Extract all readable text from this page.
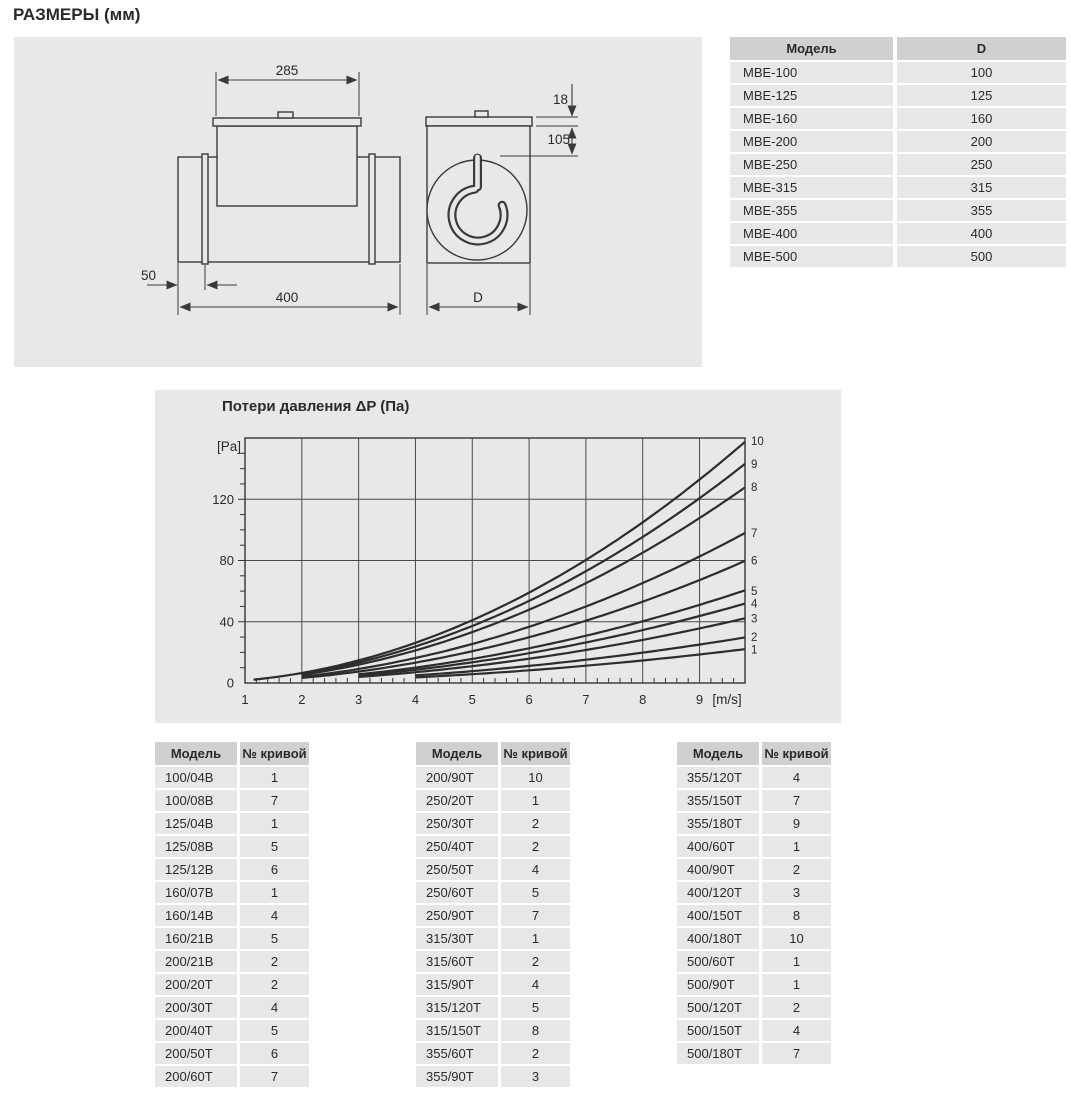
РАЗМЕРЫ (мм)
285
50
400	D
18
105
Модель	D
MBE-100	100
MBE-125	125
MBE-160	160
MBE-200	200
MBE-250	250
MBE-315	315
MBE-355	355
MBE-400	400
MBE-500	500
Потери давления ΔP (Па)
1
2
3
4
5
6
7
8
9
10
1	2	3	4	5	6	7	8	9
0
40
80
120
[m/s]
[Pa]
Модель	№ кривой
100/04B	1
100/08B	7
125/04B	1
125/08B	5
125/12B	6
160/07B	1
160/14B	4
160/21B	5
200/21B	2
200/20T	2
200/30T	4
200/40T	5
200/50T	6
200/60T	7
Модель	№ кривой
200/90T	10
250/20T	1
250/30T	2
250/40T	2
250/50T	4
250/60T	5
250/90T	7
315/30T	1
315/60T	2
315/90T	4
315/120T	5
315/150T	8
355/60T	2
355/90T	3
Модель	№ кривой
355/120T	4
355/150T	7
355/180T	9
400/60T	1
400/90T	2
400/120T	3
400/150T	8
400/180T	10
500/60T	1
500/90T	1
500/120T	2
500/150T	4
500/180T	7
